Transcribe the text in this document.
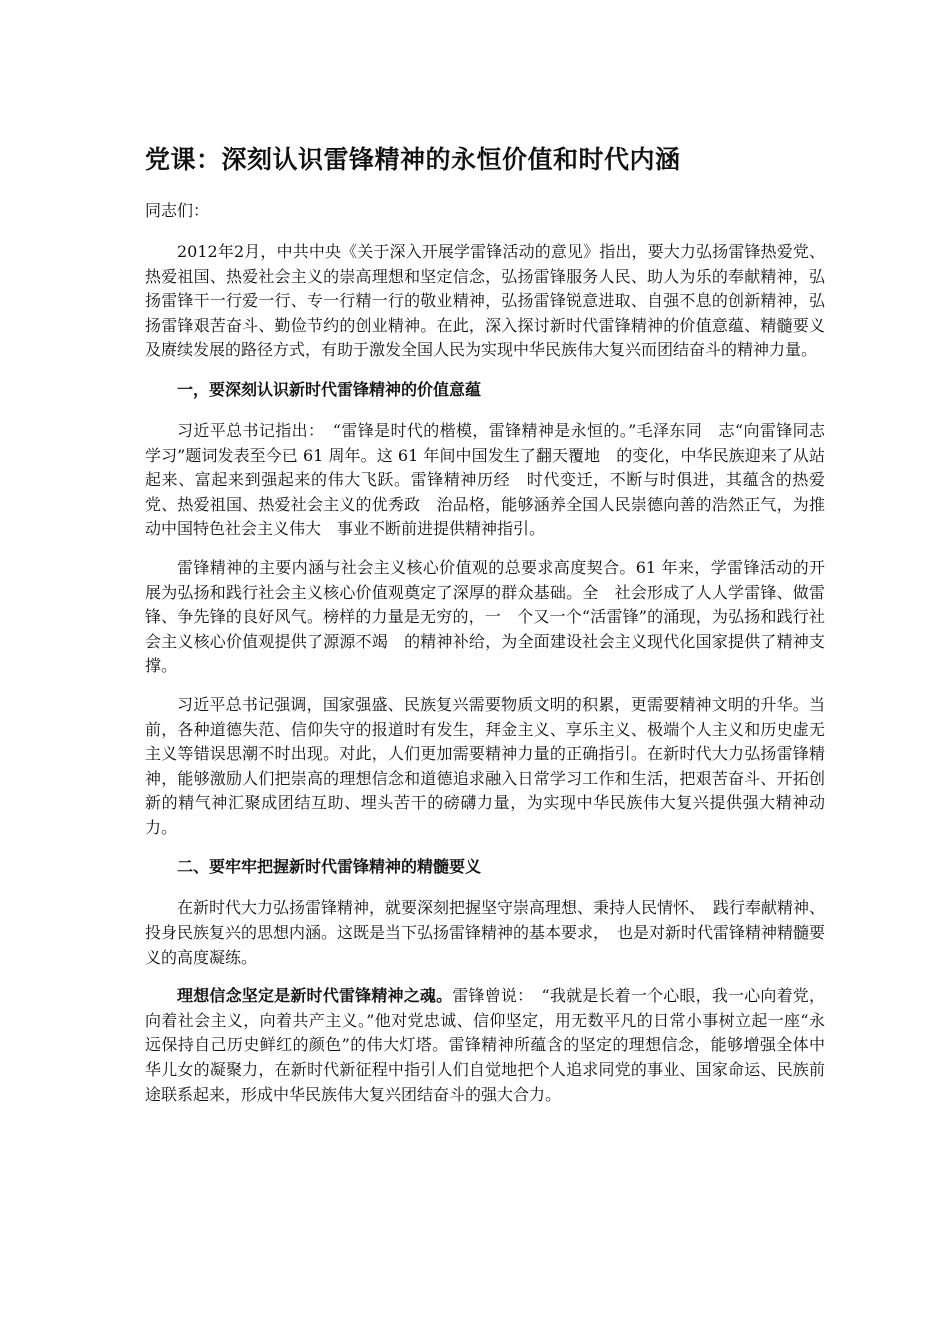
党课：深刻认识雷锋精神的永恒价值和时代内涵
同志们：

2012年2月，中共中央《关于深入开展学雷锋活动的意见》指出，要大力弘扬雷锋热爱党、热爱祖国、热爱社会主义的崇高理想和坚定信念，弘扬雷锋服务人民、助人为乐的奉献精神，弘扬雷锋干一行爱一行、专一行精一行的敬业精神，弘扬雷锋锐意进取、自强不息的创新精神，弘扬雷锋艰苦奋斗、勤俭节约的创业精神。在此，深入探讨新时代雷锋精神的价值意蕴、精髓要义及赓续发展的路径方式，有助于激发全国人民为实现中华民族伟大复兴而团结奋斗的精神力量。

一，要深刻认识新时代雷锋精神的价值意蕴

习近平总书记指出：　“雷锋是时代的楷模，雷锋精神是永恒的。”毛泽东同　志“向雷锋同志学习”题词发表至今已 61 周年。这 61 年间中国发生了翻天覆地　的变化，中华民族迎来了从站起来、富起来到强起来的伟大飞跃。雷锋精神历经　时代变迁，不断与时俱进，其蕴含的热爱党、热爱祖国、热爱社会主义的优秀政　治品格，能够涵养全国人民崇德向善的浩然正气，为推动中国特色社会主义伟大　事业不断前进提供精神指引。

雷锋精神的主要内涵与社会主义核心价值观的总要求高度契合。61 年来，学雷锋活动的开展为弘扬和践行社会主义核心价值观奠定了深厚的群众基础。全　社会形成了人人学雷锋、做雷锋、争先锋的良好风气。榜样的力量是无穷的，一　个又一个“活雷锋”的涌现，为弘扬和践行社会主义核心价值观提供了源源不竭　的精神补给，为全面建设社会主义现代化国家提供了精神支撑。

习近平总书记强调，国家强盛、民族复兴需要物质文明的积累，更需要精神文明的升华。当前，各种道德失范、信仰失守的报道时有发生，拜金主义、享乐主义、极端个人主义和历史虚无主义等错误思潮不时出现。对此，人们更加需要精神力量的正确指引。在新时代大力弘扬雷锋精神，能够激励人们把崇高的理想信念和道德追求融入日常学习工作和生活，把艰苦奋斗、开拓创新的精气神汇聚成团结互助、埋头苦干的磅礴力量，为实现中华民族伟大复兴提供强大精神动力。

二、要牢牢把握新时代雷锋精神的精髓要义

在新时代大力弘扬雷锋精神，就要深刻把握坚守崇高理想、秉持人民情怀、　践行奉献精神、投身民族复兴的思想内涵。这既是当下弘扬雷锋精神的基本要求，　也是对新时代雷锋精神精髓要义的高度凝练。

理想信念坚定是新时代雷锋精神之魂。雷锋曾说：　“我就是长着一个心眼，我一心向着党，向着社会主义，向着共产主义。”他对党忠诚、信仰坚定，用无数平凡的日常小事树立起一座“永远保持自己历史鲜红的颜色”的伟大灯塔。雷锋精神所蕴含的坚定的理想信念，能够增强全体中华儿女的凝聚力，在新时代新征程中指引人们自觉地把个人追求同党的事业、国家命运、民族前途联系起来，形成中华民族伟大复兴团结奋斗的强大合力。
